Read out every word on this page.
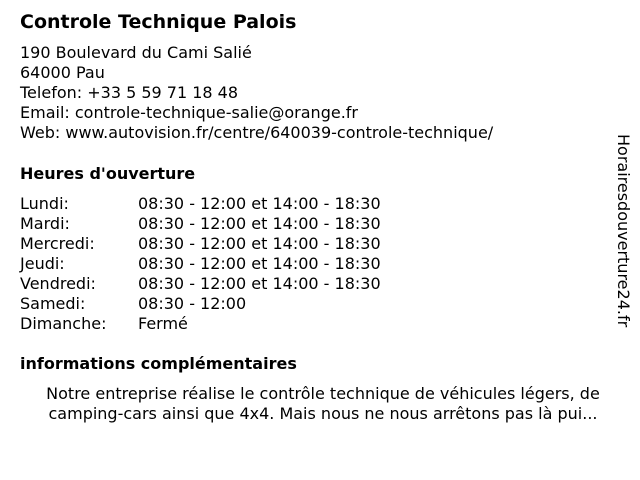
Controle Technique Palois
190 Boulevard du Cami Salié
64000 Pau
Telefon: +33 5 59 71 18 48
Email: controle-technique-salie@orange.fr
Web: www.autovision.fr/centre/640039-controle-technique/
Heures d'ouverture
Lundi:	08:30 - 12:00 et 14:00 - 18:30
Mardi:	08:30 - 12:00 et 14:00 - 18:30
Mercredi:	08:30 - 12:00 et 14:00 - 18:30
Jeudi:	08:30 - 12:00 et 14:00 - 18:30
Vendredi:	08:30 - 12:00 et 14:00 - 18:30
Samedi:	08:30 - 12:00
Dimanche: Fermé
informations complémentaires
Notre entreprise réalise le contrôle technique de véhicules légers, de
camping-cars ainsi que 4x4. Mais nous ne nous arrêtons pas là pui...
Horairesdouverture24.fr
